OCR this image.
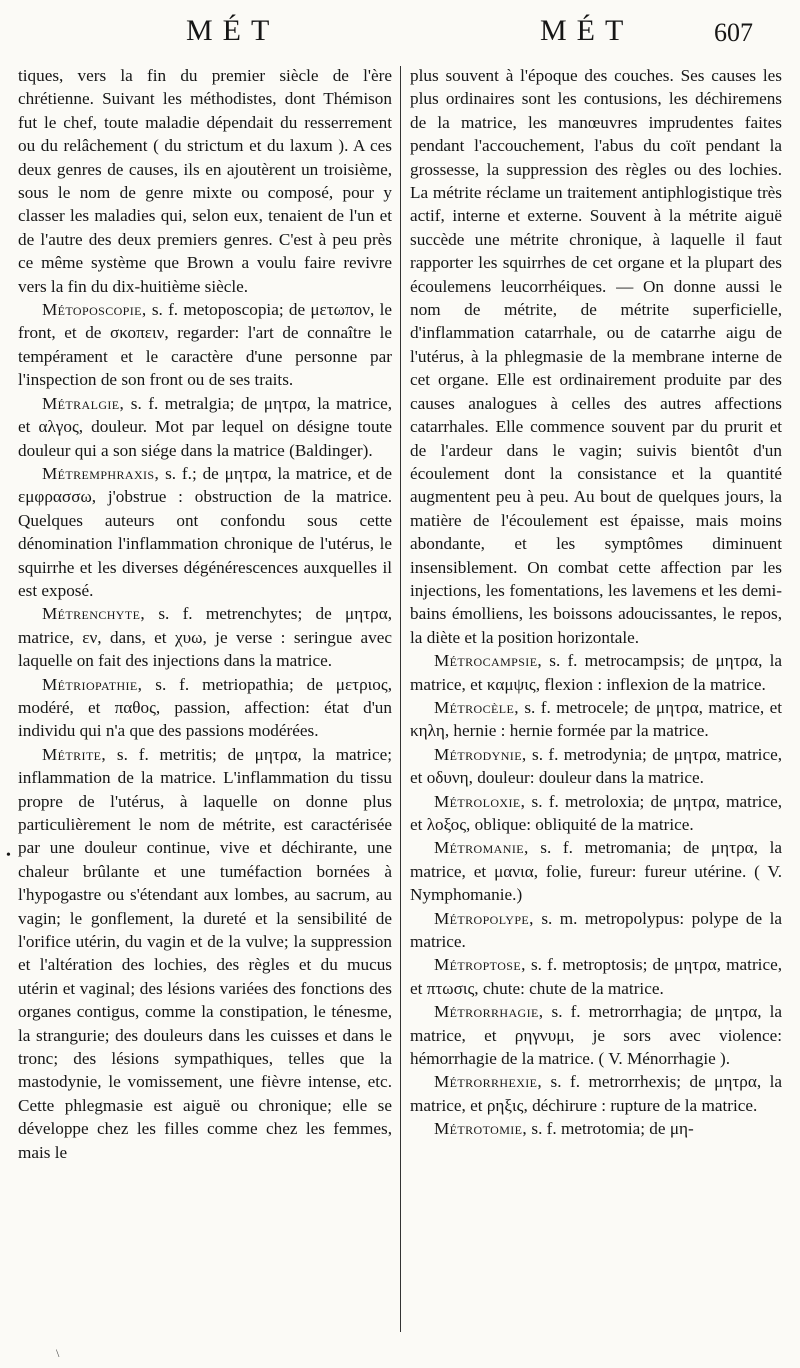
MÉT	MÉT	607
•

tiques, vers la fin du premier siècle de l'ère chrétienne. Suivant les méthodistes, dont Thémison fut le chef, toute maladie dépendait du resserrement ou du relâchement ( du strictum et du laxum ). A ces deux genres de causes, ils en ajoutèrent un troisième, sous le nom de genre mixte ou composé, pour y classer les maladies qui, selon eux, tenaient de l'un et de l'autre des deux premiers genres. C'est à peu près ce même système que Brown a voulu faire revivre vers la fin du dix-huitième siècle.

Métoposcopie, s. f. metoposcopia; de μετωπον, le front, et de σκοπειν, regarder: l'art de connaître le tempérament et le caractère d'une personne par l'inspection de son front ou de ses traits.

Métralgie, s. f. metralgia; de μητρα, la matrice, et αλγος, douleur. Mot par lequel on désigne toute douleur qui a son siége dans la matrice (Baldinger).

Métremphraxis, s. f.; de μητρα, la matrice, et de εμφρασσω, j'obstrue : obstruction de la matrice. Quelques auteurs ont confondu sous cette dénomination l'inflammation chronique de l'utérus, le squirrhe et les diverses dégénérescences auxquelles il est exposé.

Métrenchyte, s. f. metrenchytes; de μητρα, matrice, εν, dans, et χυω, je verse : seringue avec laquelle on fait des injections dans la matrice.

Métriopathie, s. f. metriopathia; de μετριος, modéré, et παθος, passion, affection: état d'un individu qui n'a que des passions modérées.

Métrite, s. f. metritis; de μητρα, la matrice; inflammation de la matrice. L'inflammation du tissu propre de l'utérus, à laquelle on donne plus particulièrement le nom de métrite, est caractérisée par une douleur continue, vive et déchirante, une chaleur brûlante et une tuméfaction bornées à l'hypogastre ou s'étendant aux lombes, au sacrum, au vagin; le gonflement, la dureté et la sensibilité de l'orifice utérin, du vagin et de la vulve; la suppression et l'altération des lochies, des règles et du mucus utérin et vaginal; des lésions variées des fonctions des organes contigus, comme la constipation, le ténesme, la strangurie; des douleurs dans les cuisses et dans le tronc; des lésions sympathiques, telles que la mastodynie, le vomissement, une fièvre intense, etc. Cette phlegmasie est aiguë ou chronique; elle se développe chez les filles comme chez les femmes, mais le

plus souvent à l'époque des couches. Ses causes les plus ordinaires sont les contusions, les déchiremens de la matrice, les manœuvres imprudentes faites pendant l'accouchement, l'abus du coït pendant la grossesse, la suppression des règles ou des lochies. La métrite réclame un traitement antiphlogistique très actif, interne et externe. Souvent à la métrite aiguë succède une métrite chronique, à laquelle il faut rapporter les squirrhes de cet organe et la plupart des écoulemens leucorrhéiques. — On donne aussi le nom de métrite, de métrite superficielle, d'inflammation catarrhale, ou de catarrhe aigu de l'utérus, à la phlegmasie de la membrane interne de cet organe. Elle est ordinairement produite par des causes analogues à celles des autres affections catarrhales. Elle commence souvent par du prurit et de l'ardeur dans le vagin; suivis bientôt d'un écoulement dont la consistance et la quantité augmentent peu à peu. Au bout de quelques jours, la matière de l'écoulement est épaisse, mais moins abondante, et les symptômes diminuent insensiblement. On combat cette affection par les injections, les fomentations, les lavemens et les demi-bains émolliens, les boissons adoucissantes, le repos, la diète et la position horizontale.

Métrocampsie, s. f. metrocampsis; de μητρα, la matrice, et καμψις, flexion : inflexion de la matrice.

Métrocèle, s. f. metrocele; de μητρα, matrice, et κηλη, hernie : hernie formée par la matrice.

Métrodynie, s. f. metrodynia; de μητρα, matrice, et οδυνη, douleur: douleur dans la matrice.

Métroloxie, s. f. metroloxia; de μητρα, matrice, et λοξος, oblique: obliquité de la matrice.

Métromanie, s. f. metromania; de μητρα, la matrice, et μανια, folie, fureur: fureur utérine. ( V. Nymphomanie.)

Métropolype, s. m. metropolypus: polype de la matrice.

Métroptose, s. f. metroptosis; de μητρα, matrice, et πτωσις, chute: chute de la matrice.

Métrorrhagie, s. f. metrorrhagia; de μητρα, la matrice, et ρηγνυμι, je sors avec violence: hémorrhagie de la matrice. ( V. Ménorrhagie ).

Métrorrhexie, s. f. metrorrhexis; de μητρα, la matrice, et ρηξις, déchirure : rupture de la matrice.

Métrotomie, s. f. metrotomia; de μη-

\
